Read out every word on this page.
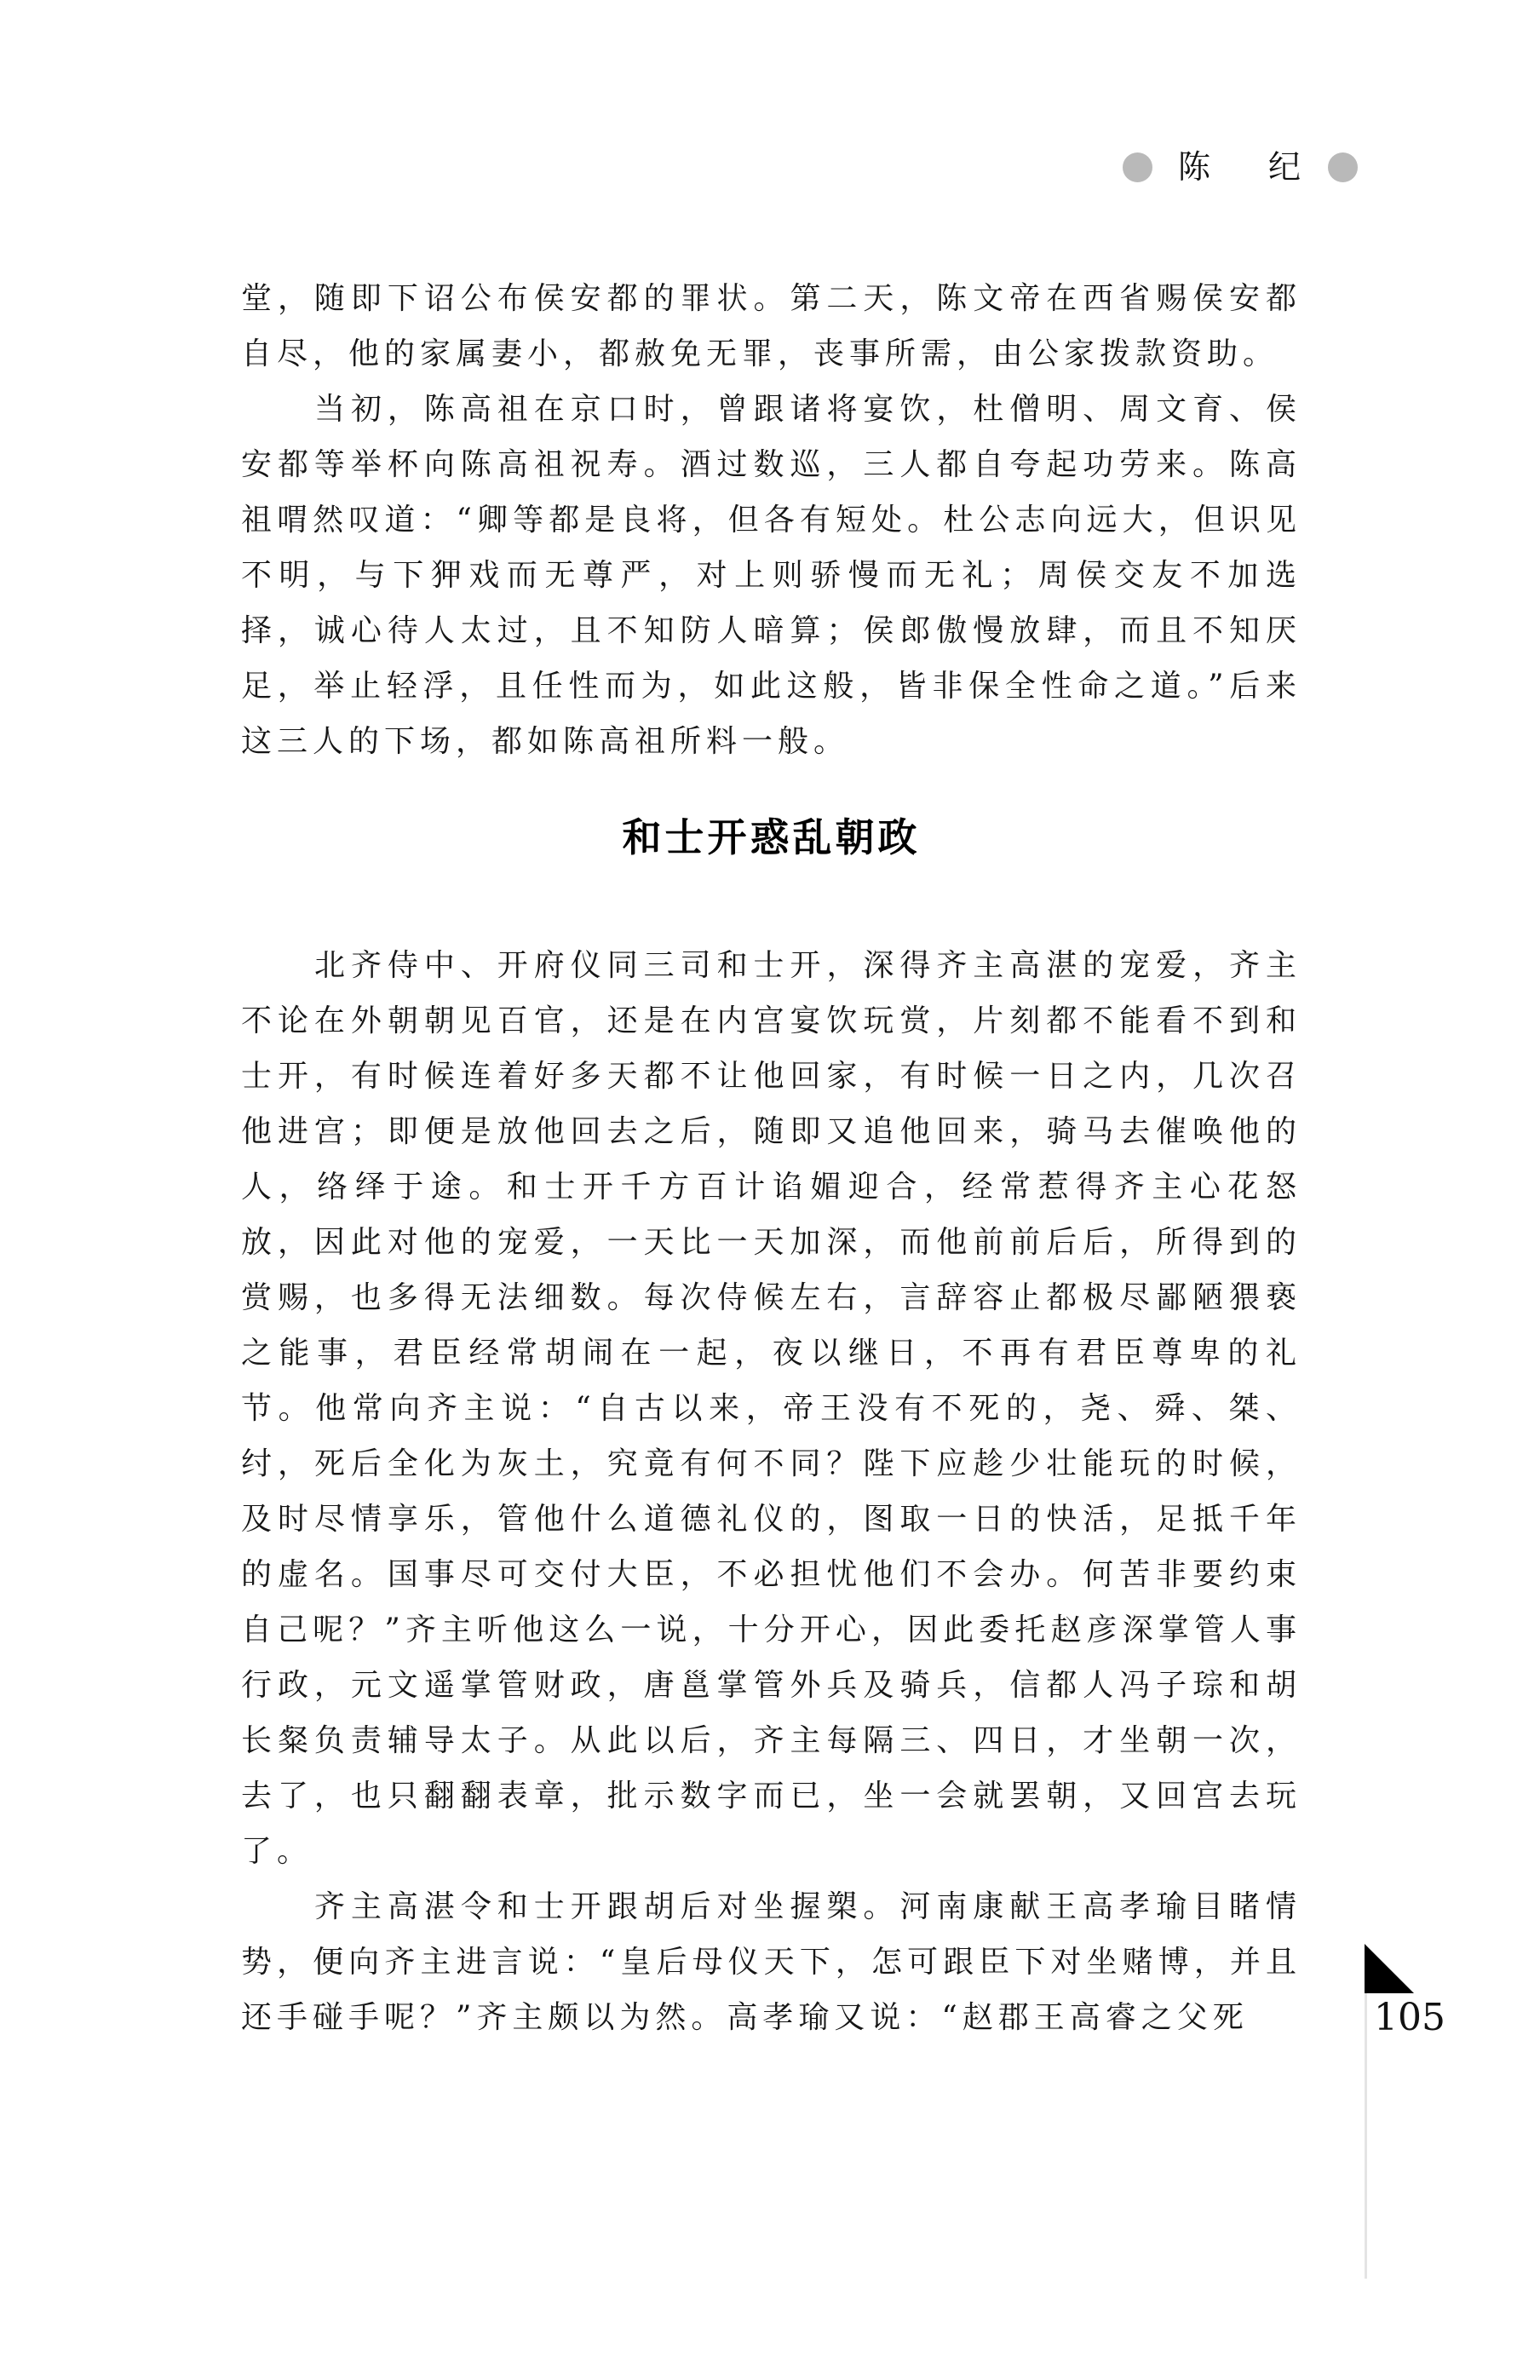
陈 纪

堂，随即下诏公布侯安都的罪状。第二天，陈文帝在西省赐侯安都自尽，他的家属妻小，都赦免无罪，丧事所需，由公家拨款资助。

当初，陈高祖在京口时，曾跟诸将宴饮，杜僧明、周文育、侯安都等举杯向陈高祖祝寿。酒过数巡，三人都自夸起功劳来。陈高祖喟然叹道：“卿等都是良将，但各有短处。杜公志向远大，但识见不明，与下狎戏而无尊严，对上则骄慢而无礼；周侯交友不加选择，诚心待人太过，且不知防人暗算；侯郎傲慢放肆，而且不知厌足，举止轻浮，且任性而为，如此这般，皆非保全性命之道。”后来这三人的下场，都如陈高祖所料一般。

和士开惑乱朝政

北齐侍中、开府仪同三司和士开，深得齐主高湛的宠爱，齐主不论在外朝朝见百官，还是在内宫宴饮玩赏，片刻都不能看不到和士开，有时候连着好多天都不让他回家，有时候一日之内，几次召他进宫；即便是放他回去之后，随即又追他回来，骑马去催唤他的人，络绎于途。和士开千方百计谄媚迎合，经常惹得齐主心花怒放，因此对他的宠爱，一天比一天加深，而他前前后后，所得到的赏赐，也多得无法细数。每次侍候左右，言辞容止都极尽鄙陋猥亵之能事，君臣经常胡闹在一起，夜以继日，不再有君臣尊卑的礼节。他常向齐主说：“自古以来，帝王没有不死的，尧、舜、桀、纣，死后全化为灰土，究竟有何不同？陛下应趁少壮能玩的时候，及时尽情享乐，管他什么道德礼仪的，图取一日的快活，足抵千年的虚名。国事尽可交付大臣，不必担忧他们不会办。何苦非要约束自己呢？”齐主听他这么一说，十分开心，因此委托赵彦深掌管人事行政，元文遥掌管财政，唐邕掌管外兵及骑兵，信都人冯子琮和胡长粲负责辅导太子。从此以后，齐主每隔三、四日，才坐朝一次，去了，也只翻翻表章，批示数字而已，坐一会就罢朝，又回宫去玩了。

齐主高湛令和士开跟胡后对坐握槊。河南康献王高孝瑜目睹情势，便向齐主进言说：“皇后母仪天下，怎可跟臣下对坐赌博，并且还手碰手呢？”齐主颇以为然。高孝瑜又说：“赵郡王高睿之父死	105
